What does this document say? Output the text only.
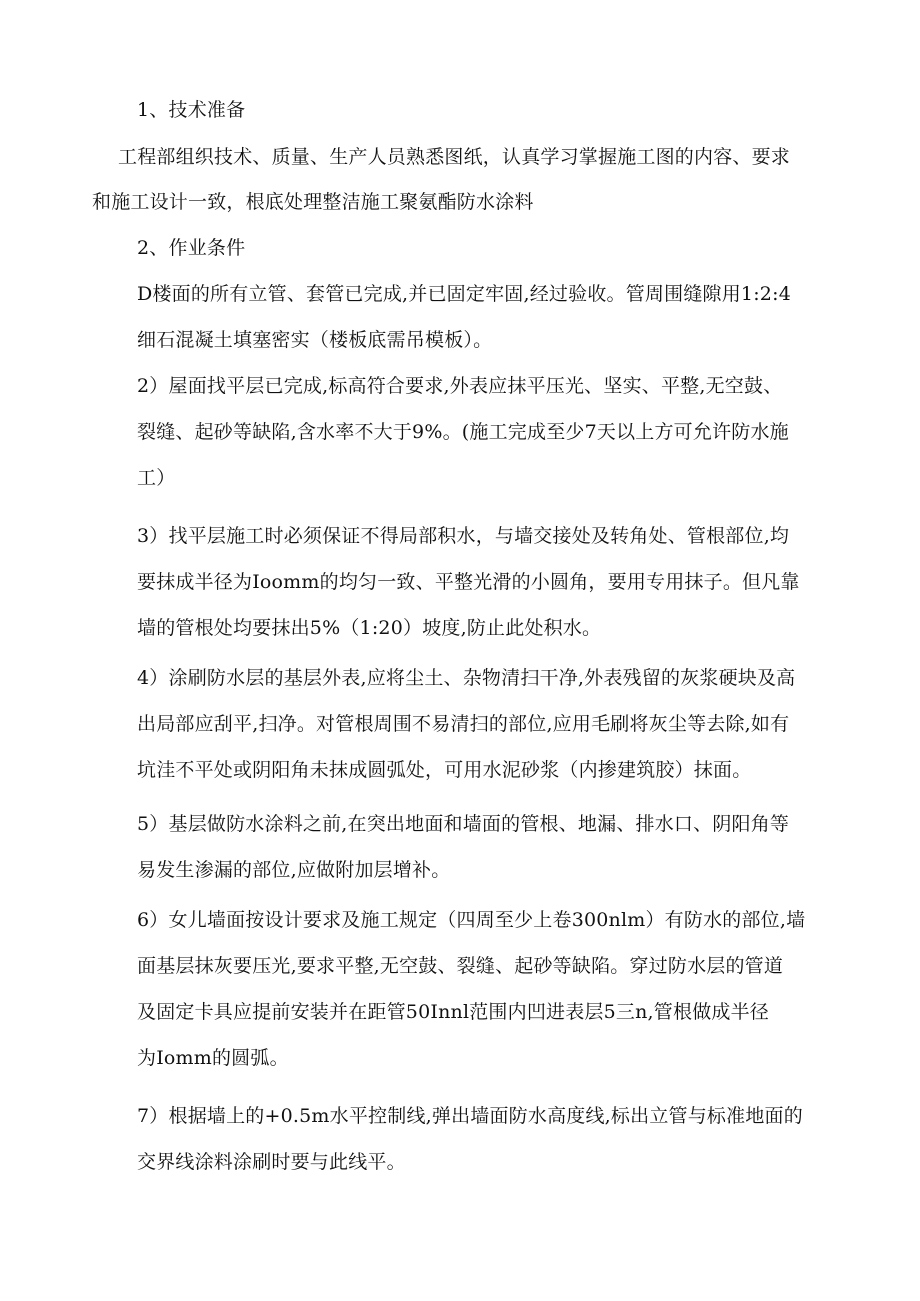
1、技术准备
工程部组织技术、质量、生产人员熟悉图纸，认真学习掌握施工图的内容、要求
和施工设计一致，根底处理整洁施工聚氨酯防水涂料
2、作业条件
D楼面的所有立管、套管已完成,并已固定牢固,经过验收。管周围缝隙用1:2:4
细石混凝土填塞密实（楼板底需吊模板）。
2）屋面找平层已完成,标高符合要求,外表应抹平压光、坚实、平整,无空鼓、
裂缝、起砂等缺陷,含水率不大于9%。(施工完成至少7天以上方可允许防水施
工）
3）找平层施工时必须保证不得局部积水，与墙交接处及转角处、管根部位,均
要抹成半径为Ioomm的均匀一致、平整光滑的小圆角，要用专用抹子。但凡靠
墙的管根处均要抹出5%（1:20）坡度,防止此处积水。
4）涂刷防水层的基层外表,应将尘土、杂物清扫干净,外表残留的灰浆硬块及高
出局部应刮平,扫净。对管根周围不易清扫的部位,应用毛刷将灰尘等去除,如有
坑洼不平处或阴阳角未抹成圆弧处，可用水泥砂浆（内掺建筑胶）抹面。
5）基层做防水涂料之前,在突出地面和墙面的管根、地漏、排水口、阴阳角等
易发生渗漏的部位,应做附加层增补。
6）女儿墙面按设计要求及施工规定（四周至少上卷300nlm）有防水的部位,墙
面基层抹灰要压光,要求平整,无空鼓、裂缝、起砂等缺陷。穿过防水层的管道
及固定卡具应提前安装并在距管50Innl范围内凹进表层5三n,管根做成半径
为Iomm的圆弧。
7）根据墙上的+0.5m水平控制线,弹出墙面防水高度线,标出立管与标准地面的
交界线涂料涂刷时要与此线平。
